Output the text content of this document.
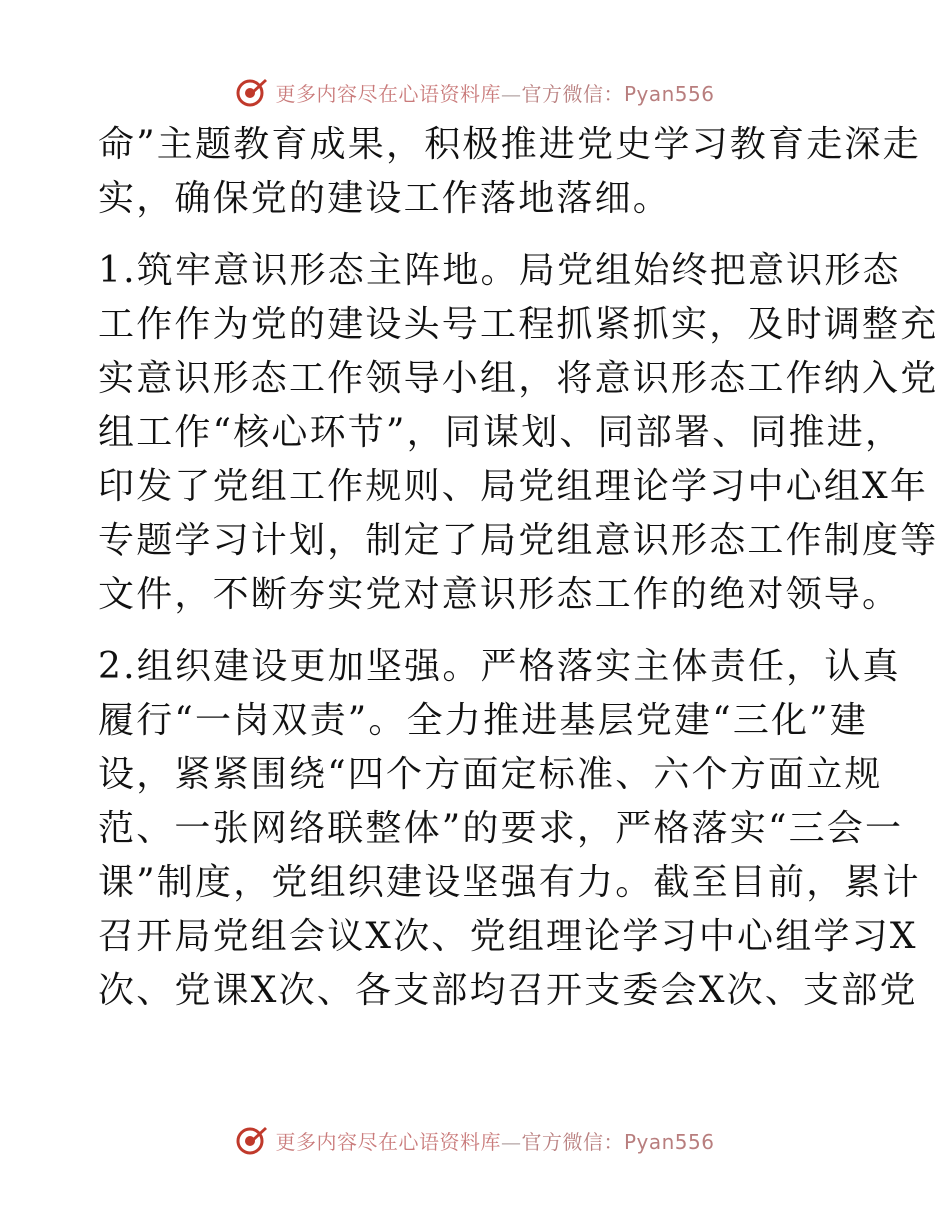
更多内容尽在心语资料库—官方微信：Pyan556

命”主题教育成果，积极推进党史学习教育走深走
实，确保党的建设工作落地落细。

1.筑牢意识形态主阵地。局党组始终把意识形态
工作作为党的建设头号工程抓紧抓实，及时调整充
实意识形态工作领导小组，将意识形态工作纳入党
组工作“核心环节”，同谋划、同部署、同推进，
印发了党组工作规则、局党组理论学习中心组X年
专题学习计划，制定了局党组意识形态工作制度等
文件，不断夯实党对意识形态工作的绝对领导。

2.组织建设更加坚强。严格落实主体责任，认真
履行“一岗双责”。全力推进基层党建“三化”建
设，紧紧围绕“四个方面定标准、六个方面立规
范、一张网络联整体”的要求，严格落实“三会一
课”制度，党组织建设坚强有力。截至目前，累计
召开局党组会议X次、党组理论学习中心组学习X
次、党课X次、各支部均召开支委会X次、支部党

更多内容尽在心语资料库—官方微信：Pyan556
